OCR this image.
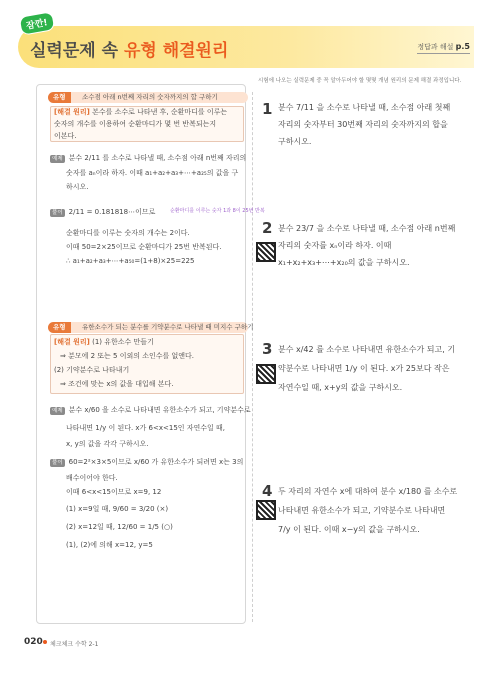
잠깐!
실력문제 속 유형 해결원리	정답과 해설 p.5
시험에 나오는 실력문제 중 꼭 알아두어야 할 몇몇 개념 원리의 문제 해결 과정입니다.
유형	소수점 아래 n번째 자리의 숫자까지의 합 구하기
[해결 원리] 본수를 소수로 나타낸 후, 순환마디를 이루는
숫자의 개수를 이용하여 순환마디가 몇 번 반복되는지
이본다.
예제 분수 2/11 를 소수로 나타낼 때, 소수점 아래 n번째 자리의
숫자를 aₙ이라 하자. 이때 a₁+a₂+a₃+⋯+a₂₅의 값을 구
하시오.
풀이 2/11 = 0.181818⋯이므로	순환마디를 이루는 숫자 1과 8이 25번 반복
순환마디를 이루는 숫자의 개수는 2이다.
이때 50=2×25이므로 순환마디가 25번 반복된다.
∴ a₁+a₂+a₃+⋯+a₅₀=(1+8)×25=225
유형	유한소수가 되는 분수를 기약분수로 나타낼 때 미지수 구하기
[해결 원리] (1) 유한소수 만들기
⇒ 분모에 2 또는 5 이외의 소인수를 없앤다.
(2) 기약분수로 나타내기
⇒ 조건에 맞는 x의 값을 대입해 본다.
예제 분수 x/60 을 소수로 나타내면 유한소수가 되고, 기약분수로
나타내면 1/y 이 된다. x가 6<x<15인 자연수일 때,
x, y의 값을 각각 구하시오.
풀이 60=2²×3×5이므로 x/60 가 유한소수가 되려면 x는 3의
배수이어야 한다.
이때 6<x<15이므로 x=9, 12
(1) x=9일 때, 9/60 = 3/20 (×)
(2) x=12일 때, 12/60 = 1/5 (○)
(1), (2)에 의해 x=12, y=5
1 분수 7/11 을 소수로 나타낼 때, 소수점 아래 첫째
자리의 숫자부터 30번째 자리의 숫자까지의 합을
구하시오.
2 분수 23/7 을 소수로 나타낼 때, 소수점 아래 n번째
자리의 숫자를 xₙ이라 하자. 이때
x₁+x₂+x₃+⋯+x₂₀의 값을 구하시오.
3 분수 x/42 를 소수로 나타내면 유한소수가 되고, 기
약분수로 나타내면 1/y 이 된다. x가 25보다 작은
자연수일 때, x+y의 값을 구하시오.
4 두 자리의 자연수 x에 대하여 분수 x/180 를 소수로
나타내면 유한소수가 되고, 기약분수로 나타내면
7/y 이 된다. 이때 x−y의 값을 구하시오.
020 체크체크 수학 2-1
